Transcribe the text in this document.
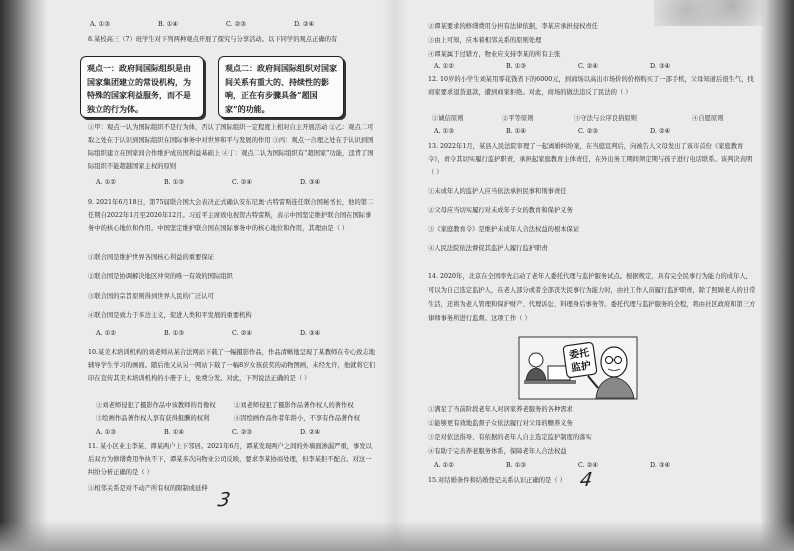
A. ①③	B. ①④	C. ②③	D. ②④
8.某校高三（7）班学生对下列两种观点开展了探究与分享活动。以下同学的观点正确的有
观点一：政府间国际组织是由国家集团建立的常设机构，为特殊的国家利益服务，而不是独立的行为体。
观点二：政府间国际组织对国家间关系有重大的、持续性的影响，正在有步骤具备“超国家”的功能。
①甲：观点一认为国际组织不是行为体，否认了国际组织一定程度上相对自主开展活动 ②乙：观点二可取之处在于认识到国际组织在国际事务中对世界和平与发展的作用 ③丙：观点一合理之处在于认识到国际组织建立在国家间合作维护成员国利益基础上 ④丁：观点二认为国际组织有“超国家”功能，违背了国际组织不能超越国家主权的原则
A. ①②	B. ①③	C. ②④	D. ③④
9. 2021年6月18日，第75届联合国大会表决正式确认安东尼奥·古特雷斯连任联合国秘书长，他的第二任期自2022年1月至2026年12月。习近平主席致电祝贺古特雷斯，表示中国坚定维护联合国在国际事务中的核心地位和作用。中国坚定维护联合国在国际事务中的核心地位和作用，其理由是（ ）
①联合国是维护世界各国核心利益的重要保证
②联合国是协调解决地区冲突的唯一有效的国际组织
③联合国的宗旨原则得到世界人民的广泛认可
④联合国是致力于多边主义，促进人类和平发展的重要机构
A. ①②	B. ①③	C. ②④	D. ③④
10.某美术培训机构的刘老师从某合法网站下载了一幅摄影作品，作品清晰地呈现了某教师在专心致志地辅导学生学习的画面。随后他又从另一网站下载了一幅8岁女孩获奖的动物图画，未经允许，他就将它们印在宣传其美术培训机构的小册子上，免费分发。对此，下列说法正确的是（ ）
①刘老师侵犯了摄影作品中该教师的肖像权	②刘老师侵犯了摄影作品著作权人的著作权
③绘画作品著作权人享有获得报酬的权利	④因绘画作品作者年龄小，不享有作品著作权
A. ①③	B. ①④	C. ②③	D. ②④
11. 某小区业主李某、谭某两户上下邻居。2021年6月，谭某发现两户之间的外墙面渗漏严重，事发以后双方为修缮费用争执不下，谭某多次向物业公司反映，要求李某协商处理，但李某拒不配合。对这一纠纷分析正确的是（ ）
①相邻关系是对不动产所有权的限制或延伸
3
②谭某要求的修缮费用分担有法律依据，李某应承担侵权责任
③由上可知，应本着相邻关系的原则处理
④谭某属于过错方，物业应支持李某的所有主张
A. ①②	B. ①③	C. ②④	D. ③④
12. 10岁的小学生刘某用零花钱省下的6000元，到商场以高出市场价的价格购买了一部手机，父母知道后很生气，找商家要求退货退款，遭到商家拒绝。对此，商场的做法违反了民法的（ ）
①诚信原则	②平等原则	③守法与公序良俗原则	④自愿原则
A. ①③	B. ①④	C. ②③	D. ②④
13. 2022年1月，某县人民法院审理了一起离婚纠纷案，在当庭宣判后，向被告人父母发出了该市首份《家庭教育令》，责令其切实履行监护职责，承担起家庭教育主体责任，在外出务工期间须定期与孩子进行电话联系。该判决表明（ ）
①未成年人的监护人应当依法承担民事和刑事责任
②父母应当切实履行对未成年子女的教育和保护义务
③《家庭教育令》是维护未成年人合法权益的根本保证
④人民法院依法督促其监护人履行监护职责
14. 2020年，北京在全国率先启动了老年人委托代理与监护服务试点。根据规定，具有完全民事行为能力的成年人，可以为自己选定监护人，在老人部分或者全部丧失民事行为能力时，由社工作人员履行监护职责，除了照顾老人的日常生活，还将为老人管理和保护财产、代理诉讼、料理身后事务等。委托代理与监护服务的全程，将由社区政府和第三方律师事务所进行监督。这项工作（ ）
委托
监护
①满足了当前阶段老年人对居家养老服务的各种需求
②能够更有效地监督子女依法履行对父母的赡养义务
③是对依法指导、有依据的老年人自主选定监护制度的落实
④有助于完善养老服务体系，保障老年人合法权益
A. ①②	B. ①③	C. ②④	D. ③④
15.对结婚条件和结婚登记关系认识正确的是（ ） 4
